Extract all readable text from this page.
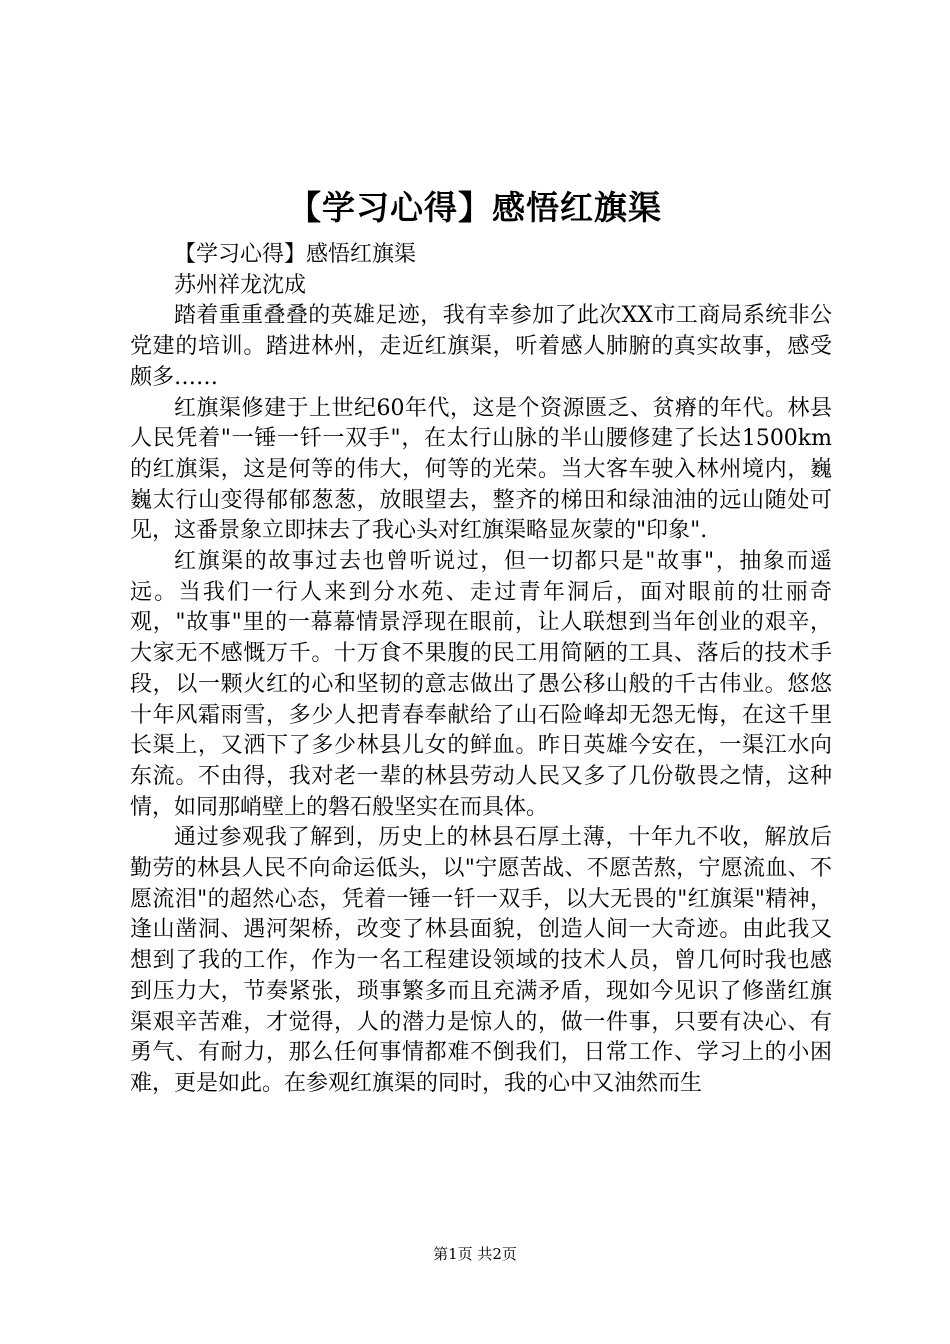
【学习心得】感悟红旗渠

【学习心得】感悟红旗渠

苏州祥龙沈成

踏着重重叠叠的英雄足迹，我有幸参加了此次XX市工商局系统非公党建的培训。踏进林州，走近红旗渠，听着感人肺腑的真实故事，感受颇多……

红旗渠修建于上世纪60年代，这是个资源匮乏、贫瘠的年代。林县人民凭着"一锤一钎一双手"，在太行山脉的半山腰修建了长达1500km的红旗渠，这是何等的伟大，何等的光荣。当大客车驶入林州境内，巍巍太行山变得郁郁葱葱，放眼望去，整齐的梯田和绿油油的远山随处可见，这番景象立即抹去了我心头对红旗渠略显灰蒙的"印象".

红旗渠的故事过去也曾听说过，但一切都只是"故事"，抽象而遥远。当我们一行人来到分水苑、走过青年洞后，面对眼前的壮丽奇观，"故事"里的一幕幕情景浮现在眼前，让人联想到当年创业的艰辛，大家无不感慨万千。十万食不果腹的民工用简陋的工具、落后的技术手段，以一颗火红的心和坚韧的意志做出了愚公移山般的千古伟业。悠悠十年风霜雨雪，多少人把青春奉献给了山石险峰却无怨无悔，在这千里长渠上，又洒下了多少林县儿女的鲜血。昨日英雄今安在，一渠江水向东流。不由得，我对老一辈的林县劳动人民又多了几份敬畏之情，这种情，如同那峭壁上的磐石般坚实在而具体。

通过参观我了解到，历史上的林县石厚土薄，十年九不收，解放后勤劳的林县人民不向命运低头，以"宁愿苦战、不愿苦熬，宁愿流血、不愿流泪"的超然心态，凭着一锤一钎一双手，以大无畏的"红旗渠"精神，逢山凿洞、遇河架桥，改变了林县面貌，创造人间一大奇迹。由此我又想到了我的工作，作为一名工程建设领域的技术人员，曾几何时我也感到压力大，节奏紧张，琐事繁多而且充满矛盾，现如今见识了修凿红旗渠艰辛苦难，才觉得，人的潜力是惊人的，做一件事，只要有决心、有勇气、有耐力，那么任何事情都难不倒我们，日常工作、学习上的小困难，更是如此。在参观红旗渠的同时，我的心中又油然而生

第1页 共2页
